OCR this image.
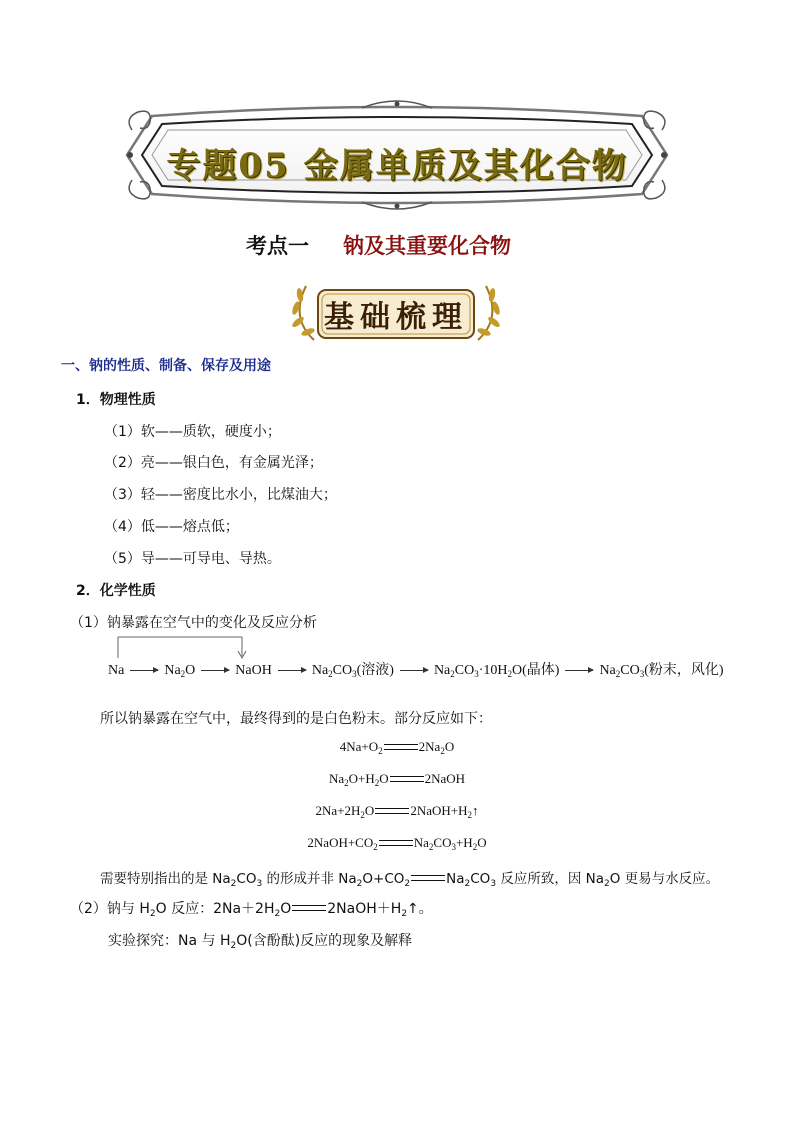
专题05 金属单质及其化合物
考点一 钠及其重要化合物
基础梳理
一、钠的性质、制备、保存及用途
1．物理性质
（1）软——质软，硬度小；
（2）亮——银白色，有金属光泽；
（3）轻——密度比水小，比煤油大；
（4）低——熔点低；
（5）导——可导电、导热。
2．化学性质
（1）钠暴露在空气中的变化及反应分析
Na	$Na_2O$	NaOH	$Na_2CO_3$(溶液)	$Na_2CO_3\cdot 10H_2O$(晶体)	$Na_2CO_3$(粉末，风化)
所以钠暴露在空气中，最终得到的是白色粉末。部分反应如下：
$4Na+O_2$	$2Na_2O$
$Na_2O+H_2O$	2NaOH
$2Na+2H_2O$	$2NaOH+H_2↑$
$2NaOH+CO_2$	$Na_2CO_3+H_2O$
需要特别指出的是 $Na_2CO_3$ 的形成并非 $Na_2O+CO_2$	$Na_2CO_3$ 反应所致，因 $Na_2O$ 更易与水反应。
（2）钠与 $H_2O$ 反应：$2Na+2H_2O$	$2NaOH+H_2↑$。
实验探究：Na 与 $H_2O$(含酚酞)反应的现象及解释
